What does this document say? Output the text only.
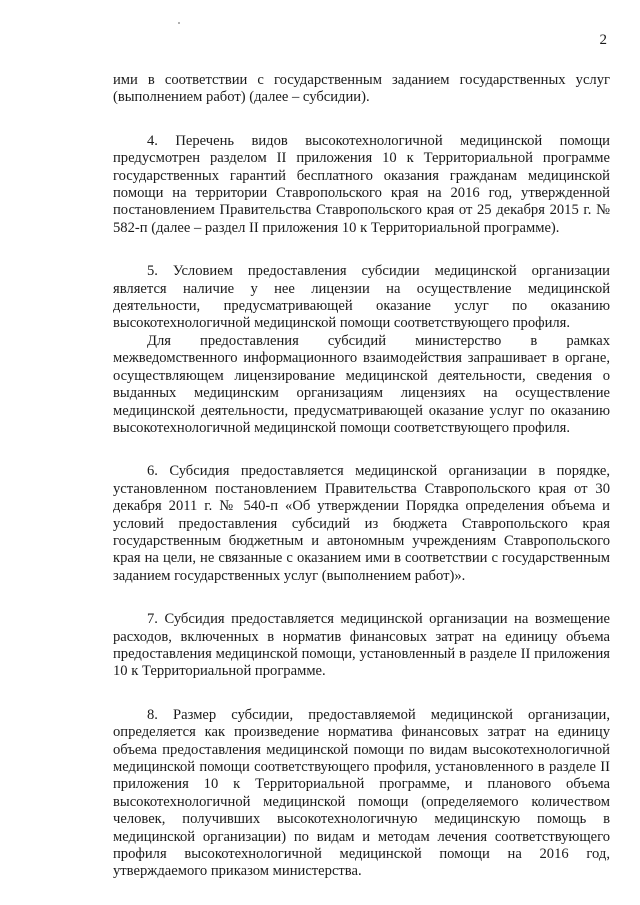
2

ими в соответствии с государственным заданием государственных услуг (выполнением работ) (далее – субсидии).

4. Перечень видов высокотехнологичной медицинской помощи предусмотрен разделом II приложения 10 к Территориальной программе государственных гарантий бесплатного оказания гражданам медицинской помощи на территории Ставропольского края на 2016 год, утвержденной постановлением Правительства Ставропольского края от 25 декабря 2015 г. № 582-п (далее – раздел II приложения 10 к Территориальной программе).

5. Условием предоставления субсидии медицинской организации является наличие у нее лицензии на осуществление медицинской деятельности, предусматривающей оказание услуг по оказанию высокотехнологичной медицинской помощи соответствующего профиля.

Для предоставления субсидий министерство в рамках межведомственного информационного взаимодействия запрашивает в органе, осуществляющем лицензирование медицинской деятельности, сведения о выданных медицинским организациям лицензиях на осуществление медицинской деятельности, предусматривающей оказание услуг по оказанию высокотехнологичной медицинской помощи соответствующего профиля.

6. Субсидия предоставляется медицинской организации в порядке, установленном постановлением Правительства Ставропольского края от 30 декабря 2011 г. № 540-п «Об утверждении Порядка определения объема и условий предоставления субсидий из бюджета Ставропольского края государственным бюджетным и автономным учреждениям Ставропольского края на цели, не связанные с оказанием ими в соответствии с государственным заданием государственных услуг (выполнением работ)».

7. Субсидия предоставляется медицинской организации на возмещение расходов, включенных в норматив финансовых затрат на единицу объема предоставления медицинской помощи, установленный в разделе II приложения 10 к Территориальной программе.

8. Размер субсидии, предоставляемой медицинской организации, определяется как произведение норматива финансовых затрат на единицу объема предоставления медицинской помощи по видам высокотехнологичной медицинской помощи соответствующего профиля, установленного в разделе II приложения 10 к Территориальной программе, и планового объема высокотехнологичной медицинской помощи (определяемого количеством человек, получивших высокотехнологичную медицинскую помощь в медицинской организации) по видам и методам лечения соответствующего профиля высокотехнологичной медицинской помощи на 2016 год, утверждаемого приказом министерства.
